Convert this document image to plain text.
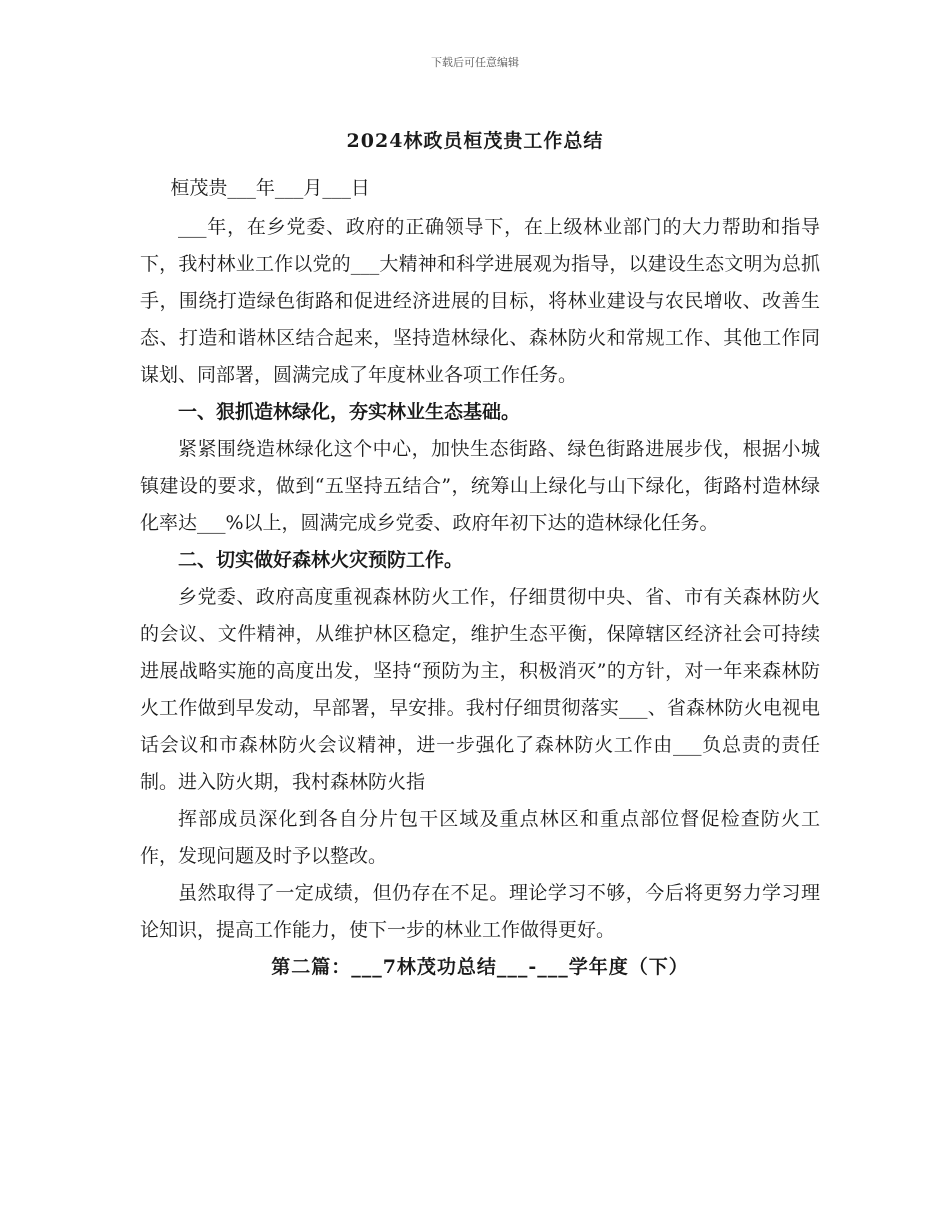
下载后可任意编辑
2024林政员桓茂贵工作总结

桓茂贵___年___月___日

___年，在乡党委、政府的正确领导下，在上级林业部门的大力帮助和指导下，我村林业工作以党的___大精神和科学进展观为指导，以建设生态文明为总抓手，围绕打造绿色街路和促进经济进展的目标，将林业建设与农民增收、改善生态、打造和谐林区结合起来，坚持造林绿化、森林防火和常规工作、其他工作同谋划、同部署，圆满完成了年度林业各项工作任务。

一、狠抓造林绿化，夯实林业生态基础。

紧紧围绕造林绿化这个中心，加快生态街路、绿色街路进展步伐，根据小城镇建设的要求，做到“五坚持五结合”，统筹山上绿化与山下绿化，街路村造林绿化率达___%以上，圆满完成乡党委、政府年初下达的造林绿化任务。

二、切实做好森林火灾预防工作。

乡党委、政府高度重视森林防火工作，仔细贯彻中央、省、市有关森林防火的会议、文件精神，从维护林区稳定，维护生态平衡，保障辖区经济社会可持续进展战略实施的高度出发，坚持“预防为主，积极消灭”的方针，对一年来森林防火工作做到早发动，早部署，早安排。我村仔细贯彻落实___、省森林防火电视电话会议和市森林防火会议精神，进一步强化了森林防火工作由___负总责的责任制。进入防火期，我村森林防火指

挥部成员深化到各自分片包干区域及重点林区和重点部位督促检查防火工作，发现问题及时予以整改。

虽然取得了一定成绩，但仍存在不足。理论学习不够，今后将更努力学习理论知识，提高工作能力，使下一步的林业工作做得更好。

第二篇：___7林茂功总结___-___学年度（下）
